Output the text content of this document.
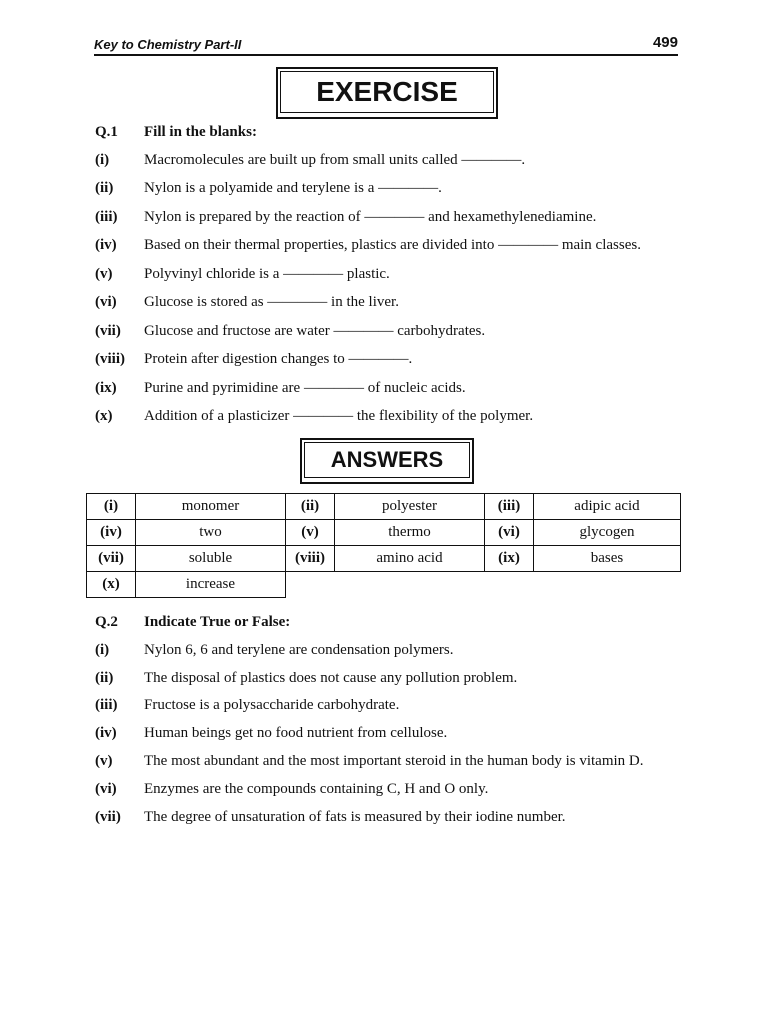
Key to Chemistry Part-II	499
EXERCISE
Q.1 Fill in the blanks:
(i) Macromolecules are built up from small units called ————.
(ii) Nylon is a polyamide and terylene is a ————.
(iii) Nylon is prepared by the reaction of ———— and hexamethylenediamine.
(iv) Based on their thermal properties, plastics are divided into ———— main classes.
(v) Polyvinyl chloride is a ———— plastic.
(vi) Glucose is stored as ———— in the liver.
(vii) Glucose and fructose are water ———— carbohydrates.
(viii) Protein after digestion changes to ————.
(ix) Purine and pyrimidine are ———— of nucleic acids.
(x) Addition of a plasticizer ———— the flexibility of the polymer.
ANSWERS
(i)	monomer	(ii)	polyester	(iii)	adipic acid
(iv)	two	(v)	thermo	(vi)	glycogen
(vii)	soluble	(viii)	amino acid	(ix)	bases
(x)	increase				
Q.2 Indicate True or False:
(i) Nylon 6, 6 and terylene are condensation polymers.
(ii) The disposal of plastics does not cause any pollution problem.
(iii) Fructose is a polysaccharide carbohydrate.
(iv) Human beings get no food nutrient from cellulose.
(v) The most abundant and the most important steroid in the human body is vitamin D.
(vi) Enzymes are the compounds containing C, H and O only.
(vii) The degree of unsaturation of fats is measured by their iodine number.
